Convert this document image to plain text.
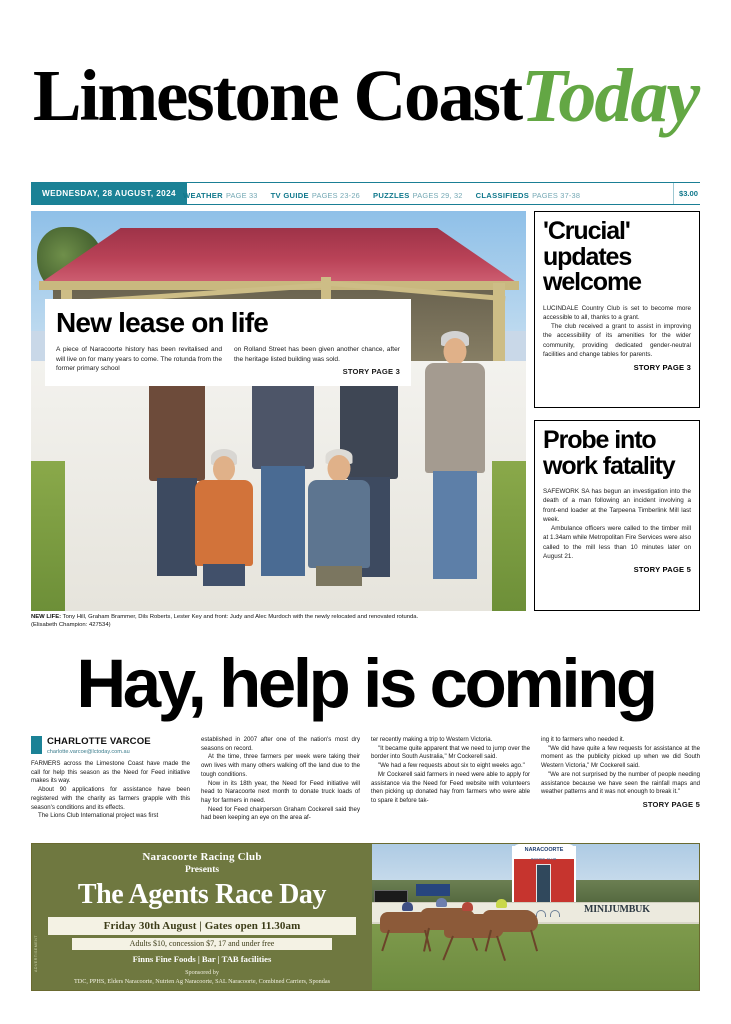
Limestone CoastToday
WEDNESDAY, 28 AUGUST, 2024 WEATHER PAGE 33 TV GUIDE PAGES 23-26 PUZZLES PAGES 29, 32 CLASSIFIEDS PAGES 37-38	$3.00
New lease on life
A piece of Naracoorte history has been revitalised and will live on for many years to come. The rotunda from the former primary school
on Rolland Street has been given another chance, after the heritage listed building was sold.
STORY PAGE 3
NEW LIFE: Tony Hill, Graham Brammer, Dils Roberts, Lester Key and front: Judy and Alec Murdoch with the newly relocated and renovated rotunda.
(Elisabeth Champion: 427534)
'Crucial' updates welcome

LUCINDALE Country Club is set to become more accessible to all, thanks to a grant.

The club received a grant to assist in improving the accessibility of its amenities for the wider community, providing dedicated gender-neutral facilities and change tables for parents.

STORY PAGE 3
Probe into work fatality

SAFEWORK SA has begun an investigation into the death of a man following an incident involving a front-end loader at the Tarpeena Timberlink Mill last week.

Ambulance officers were called to the timber mill at 1.34am while Metropolitan Fire Services were also called to the mill less than 10 minutes later on August 21.

STORY PAGE 5
Hay, help is coming
CHARLOTTE VARCOE
charlotte.varcoe@lctoday.com.au

FARMERS across the Limestone Coast have made the call for help this season as the Need for Feed initiative makes its way.

About 90 applications for assistance have been registered with the charity as farmers grapple with this season's conditions and its effects.

The Lions Club International project was first

established in 2007 after one of the nation's most dry seasons on record.

At the time, three farmers per week were taking their own lives with many others walking off the land due to the tough conditions.

Now in its 18th year, the Need for Feed initiative will head to Naracoorte next month to donate truck loads of hay for farmers in need.

Need for Feed chairperson Graham Cockerell said they had been keeping an eye on the area af-

ter recently making a trip to Western Victoria.

"It became quite apparent that we need to jump over the border into South Australia," Mr Cockerell said.

"We had a few requests about six to eight weeks ago."

Mr Cockerell said farmers in need were able to apply for assistance via the Need for Feed website with volunteers then picking up donated hay from farmers who were able to spare it before tak-

ing it to farmers who needed it.

"We did have quite a few requests for assistance at the moment as the publicity picked up when we did South Western Victoria," Mr Cockerell said.

"We are not surprised by the number of people needing assistance because we have seen the rainfall maps and weather patterns and it was not enough to break it."

STORY PAGE 5
Naracoorte Racing Club
Presents
The Agents Race Day
Friday 30th August | Gates open 11.30am
Adults $10, concession $7, 17 and under free
Finns Fine Foods | Bar | TAB facilities
Sponsored by
TDC, PPHS, Elders Naracoorte, Nutrien Ag Naracoorte, SAL Naracoorte, Combined Carriers, Spondas
ADVERTISEMENT
NARACOORTE
RACING CLUB
MINIJUMBUK
